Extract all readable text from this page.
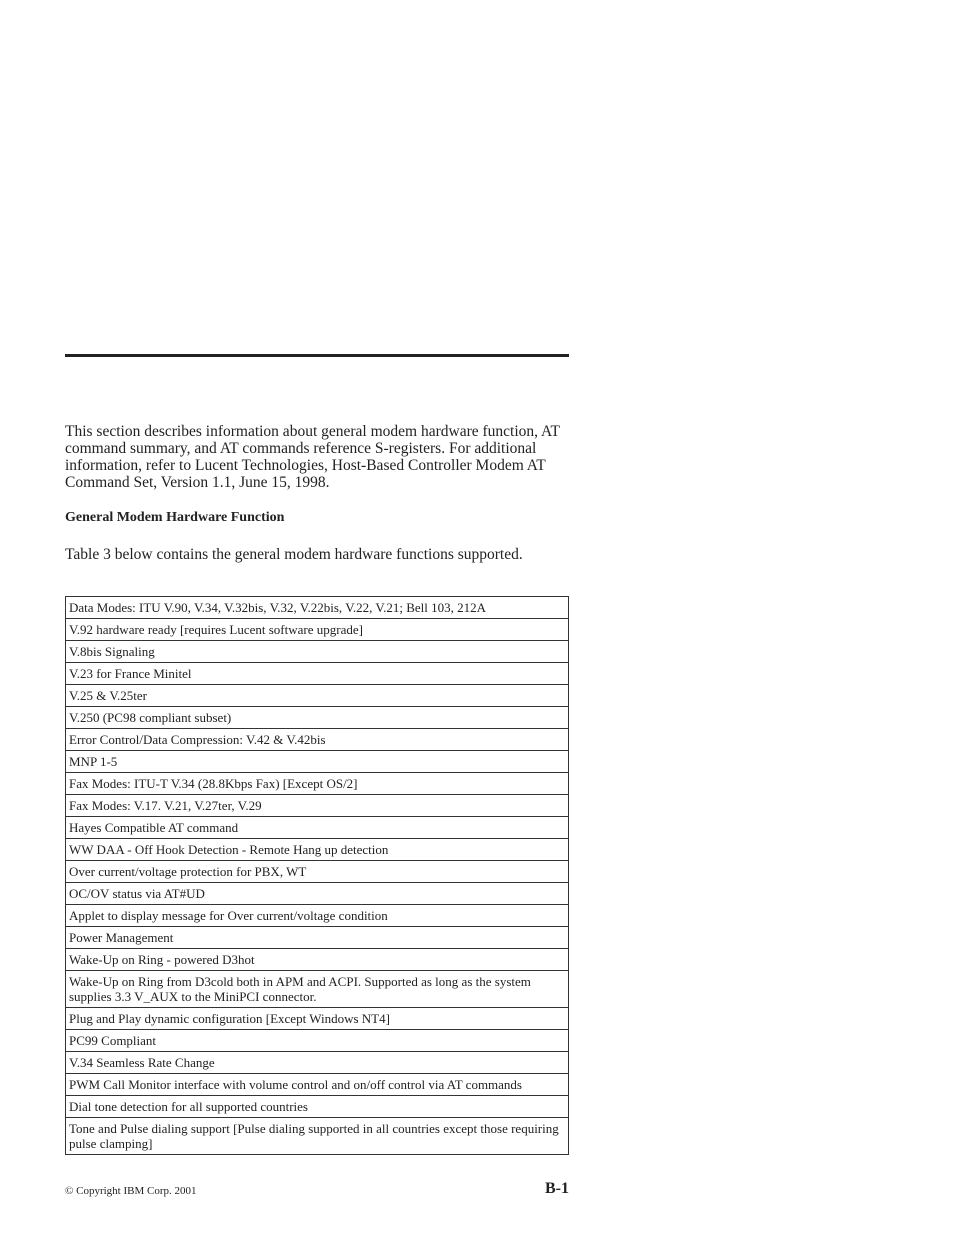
This section describes information about general modem hardware function, AT command summary, and AT commands reference S-registers. For additional information, refer to Lucent Technologies, Host-Based Controller Modem AT Command Set, Version 1.1, June 15, 1998.

General Modem Hardware Function

Table 3 below contains the general modem hardware functions supported.

Data Modes: ITU V.90, V.34, V.32bis, V.32, V.22bis, V.22, V.21; Bell 103, 212A
V.92 hardware ready [requires Lucent software upgrade]
V.8bis Signaling
V.23 for France Minitel
V.25 & V.25ter
V.250 (PC98 compliant subset)
Error Control/Data Compression: V.42 & V.42bis
MNP 1-5
Fax Modes: ITU-T V.34 (28.8Kbps Fax) [Except OS/2]
Fax Modes: V.17. V.21, V.27ter, V.29
Hayes Compatible AT command
WW DAA - Off Hook Detection - Remote Hang up detection
Over current/voltage protection for PBX, WT
OC/OV status via AT#UD
Applet to display message for Over current/voltage condition
Power Management
Wake-Up on Ring - powered D3hot
Wake-Up on Ring from D3cold both in APM and ACPI. Supported as long as the system supplies 3.3 V_AUX to the MiniPCI connector.
Plug and Play dynamic configuration [Except Windows NT4]
PC99 Compliant
V.34 Seamless Rate Change
PWM Call Monitor interface with volume control and on/off control via AT commands
Dial tone detection for all supported countries
Tone and Pulse dialing support [Pulse dialing supported in all countries except those requiring pulse clamping]
© Copyright IBM Corp. 2001	B-1
